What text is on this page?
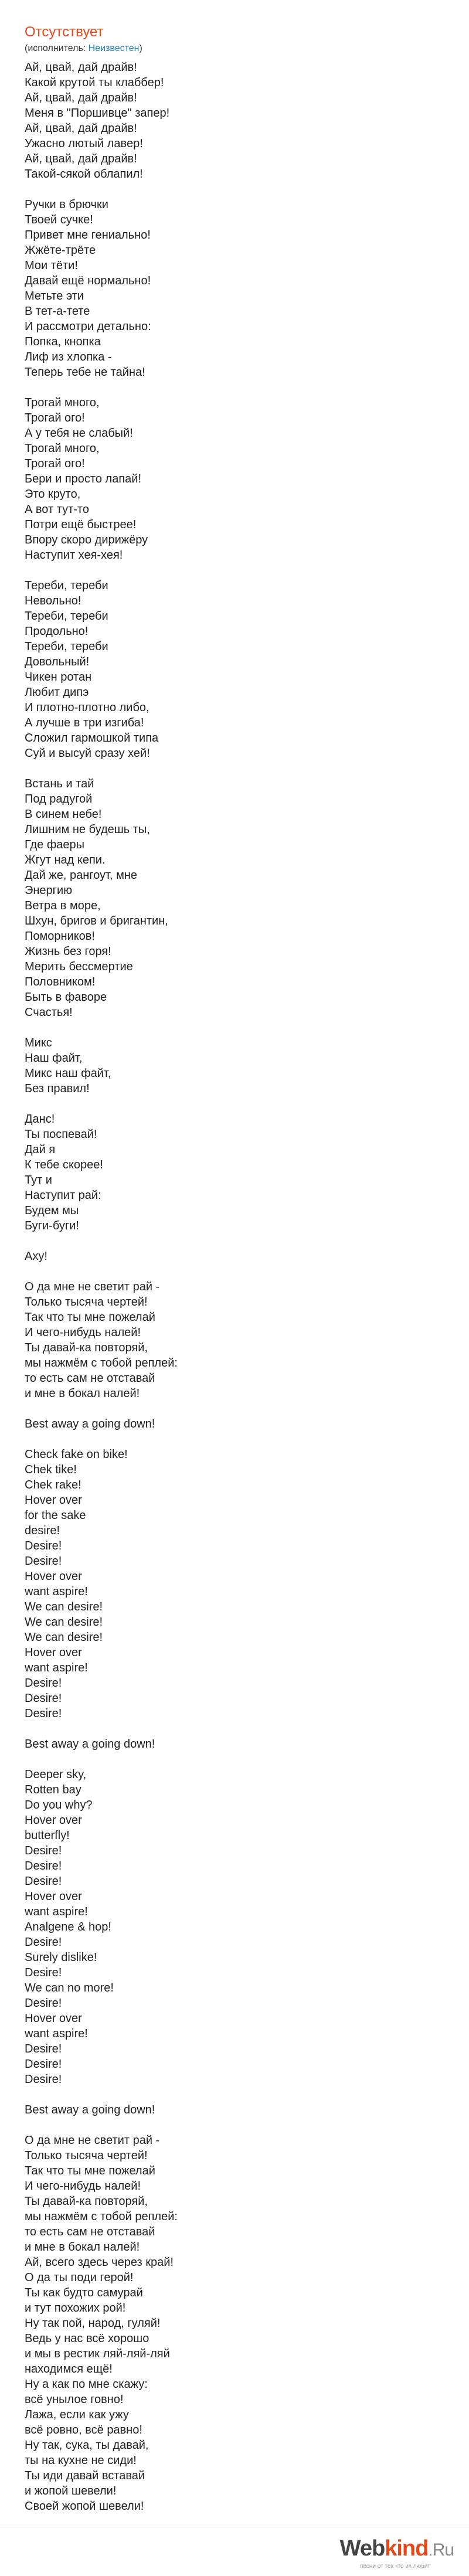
Отсутствует
(исполнитель: Неизвестен)
Ай, цвай, дай драйв!
Какой крутой ты клаббер!
Ай, цвай, дай драйв!
Меня в "Поршивце" запер!
Ай, цвай, дай драйв!
Ужасно лютый лавер!
Ай, цвай, дай драйв!
Такой-сякой облапил!
Ручки в брючки
Твоей сучке!
Привет мне гениально!
Жжёте-трёте
Мои тёти!
Давай ещё нормально!
Метьте эти
В тет-а-тете
И рассмотри детально:
Попка, кнопка
Лиф из хлопка -
Теперь тебе не тайна!
Трогай много,
Трогай ого!
А у тебя не слабый!
Трогай много,
Трогай ого!
Бери и просто лапай!
Это круто,
А вот тут-то
Потри ещё быстрее!
Впору скоро дирижёру
Наступит хея-хея!
Тереби, тереби
Невольно!
Тереби, тереби
Продольно!
Тереби, тереби
Довольный!
Чикен ротан
Любит дипэ
И плотно-плотно либо,
А лучше в три изгиба!
Сложил гармошкой типа
Суй и высуй сразу хей!
Встань и тай
Под радугой
В синем небе!
Лишним не будешь ты,
Где фаеры
Жгут над кепи.
Дай же, рангоут, мне
Энергию
Ветра в море,
Шхун, бригов и бригантин,
Поморников!
Жизнь без горя!
Мерить бессмертие
Половником!
Быть в фаворе
Счастья!
Микс
Наш файт,
Микс наш файт,
Без правил!
Данс!
Ты поспевай!
Дай я
К тебе скорее!
Тут и
Наступит рай:
Будем мы
Буги-буги!
Аху!
О да мне не светит рай -
Только тысяча чертей!
Так что ты мне пожелай
И чего-нибудь налей!
Ты давай-ка повторяй,
мы нажмём с тобой реплей:
то есть сам не отставай
и мне в бокал налей!
Best away a going down!
Check fake on bike!
Chek tike!
Chek rake!
Hover over
for the sake
desire!
Desire!
Desire!
Hover over
want aspire!
We can desire!
We can desire!
We can desire!
Hover over
want aspire!
Desire!
Desire!
Desire!
Best away a going down!
Deeper sky,
Rotten bay
Do you why?
Hover over
butterfly!
Desire!
Desire!
Desire!
Hover over
want aspire!
Analgene & hop!
Desire!
Surely dislike!
Desire!
We can no more!
Desire!
Hover over
want aspire!
Desire!
Desire!
Desire!
Best away a going down!
О да мне не светит рай -
Только тысяча чертей!
Так что ты мне пожелай
И чего-нибудь налей!
Ты давай-ка повторяй,
мы нажмём с тобой реплей:
то есть сам не отставай
и мне в бокал налей!
Ай, всего здесь через край!
О да ты поди герой!
Ты как будто самурай
и тут похожих рой!
Ну так пой, народ, гуляй!
Ведь у нас всё хорошо
и мы в рестик ляй-ляй-ляй
находимся ещё!
Ну а как по мне скажу:
всё унылое говно!
Лажа, если как ужу
всё ровно, всё равно!
Ну так, сука, ты давай,
ты на кухне не сиди!
Ты иди давай вставай
и жопой шевели!
Своей жопой шевели!
Webkind.Ru
песни от тех кто их любит
